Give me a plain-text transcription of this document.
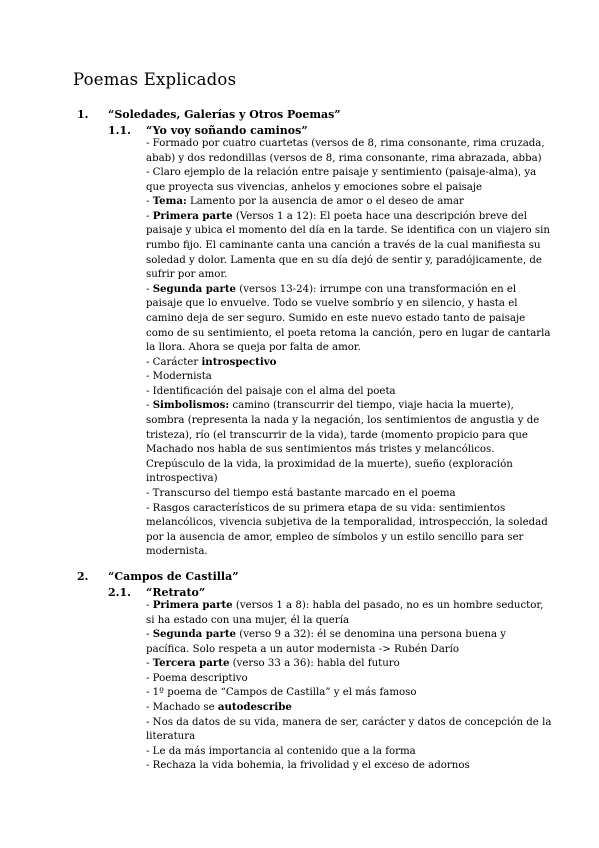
Poemas Explicados
1. “Soledades, Galerías y Otros Poemas”
1.1. “Yo voy soñando caminos”
- Formado por cuatro cuartetas (versos de 8, rima consonante, rima cruzada,
abab) y dos redondillas (versos de 8, rima consonante, rima abrazada, abba)
- Claro ejemplo de la relación entre paisaje y sentimiento (paisaje-alma), ya
que proyecta sus vivencias, anhelos y emociones sobre el paisaje
- Tema: Lamento por la ausencia de amor o el deseo de amar
- Primera parte (Versos 1 a 12): El poeta hace una descripción breve del
paisaje y ubica el momento del día en la tarde. Se identifica con un viajero sin
rumbo fijo. El caminante canta una canción a través de la cual manifiesta su
soledad y dolor. Lamenta que en su día dejó de sentir y, paradójicamente, de
sufrir por amor.
- Segunda parte (versos 13-24): irrumpe con una transformación en el
paisaje que lo envuelve. Todo se vuelve sombrío y en silencio, y hasta el
camino deja de ser seguro. Sumido en este nuevo estado tanto de paisaje
como de su sentimiento, el poeta retoma la canción, pero en lugar de cantarla
la llora. Ahora se queja por falta de amor.
- Carácter introspectivo
- Modernista
- Identificación del paisaje con el alma del poeta
- Simbolismos: camino (transcurrir del tiempo, viaje hacia la muerte),
sombra (representa la nada y la negación, los sentimientos de angustia y de
tristeza), río (el transcurrir de la vida), tarde (momento propicio para que
Machado nos habla de sus sentimientos más tristes y melancólicos.
Crepúsculo de la vida, la proximidad de la muerte), sueño (exploración
introspectiva)
- Transcurso del tiempo está bastante marcado en el poema
- Rasgos característicos de su primera etapa de su vida: sentimientos
melancólicos, vivencia subjetiva de la temporalidad, introspección, la soledad
por la ausencia de amor, empleo de símbolos y un estilo sencillo para ser
modernista.
2. “Campos de Castilla”
2.1. “Retrato”
- Primera parte (versos 1 a 8): habla del pasado, no es un hombre seductor,
si ha estado con una mujer, él la quería
- Segunda parte (verso 9 a 32): él se denomina una persona buena y
pacífica. Solo respeta a un autor modernista -> Rubén Darío
- Tercera parte (verso 33 a 36): habla del futuro
- Poema descriptivo
- 1º poema de “Campos de Castilla” y el más famoso
- Machado se autodescribe
- Nos da datos de su vida, manera de ser, carácter y datos de concepción de la
literatura
- Le da más importancia al contenido que a la forma
- Rechaza la vida bohemia, la frivolidad y el exceso de adornos
